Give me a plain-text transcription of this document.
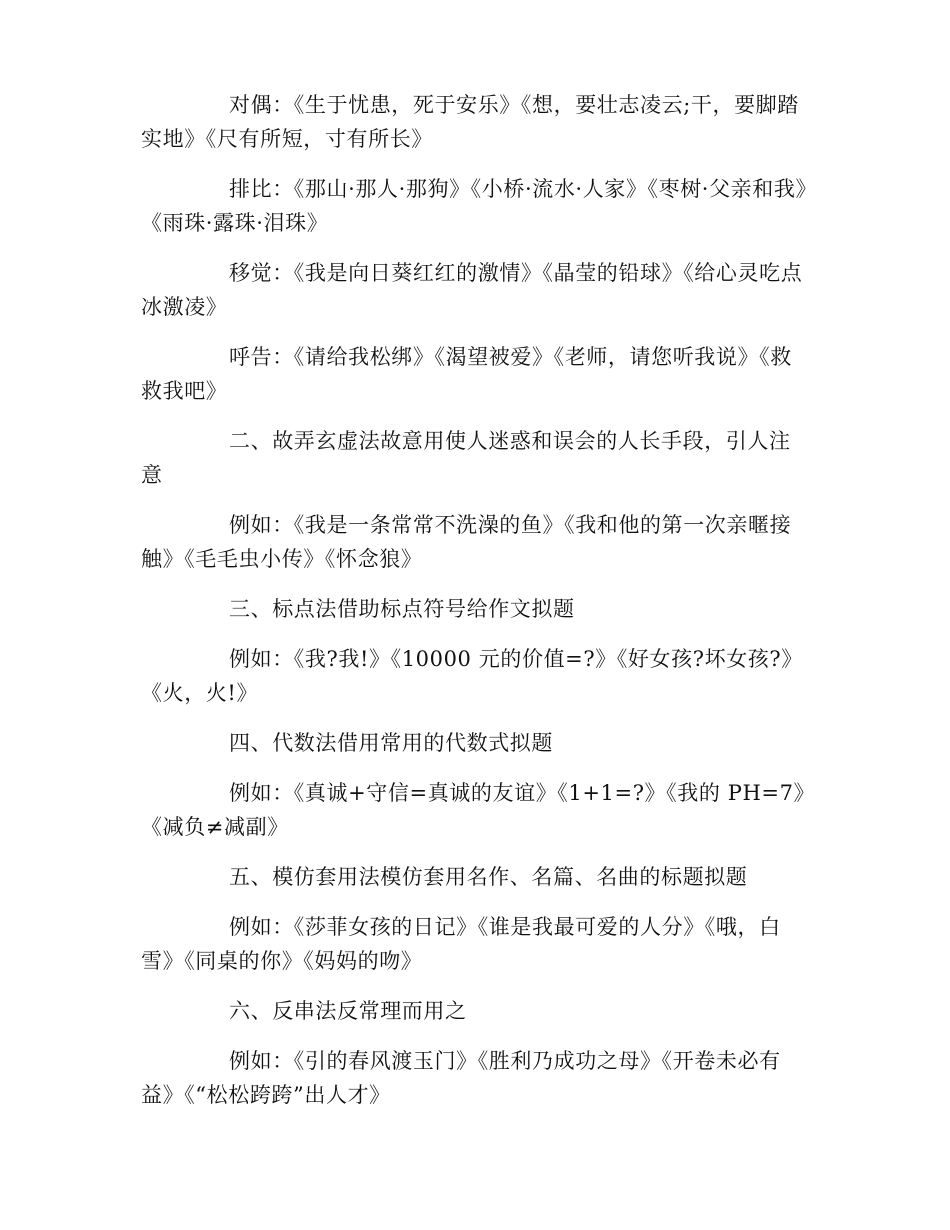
对偶：《生于忧患，死于安乐》《想，要壮志凌云;干，要脚踏实地》《尺有所短，寸有所长》

排比：《那山·那人·那狗》《小桥·流水·人家》《枣树·父亲和我》《雨珠·露珠·泪珠》

移觉：《我是向日葵红红的激情》《晶莹的铅球》《给心灵吃点冰激凌》

呼告：《请给我松绑》《渴望被爱》《老师，请您听我说》《救救我吧》

二、故弄玄虚法故意用使人迷惑和误会的人长手段，引人注意

例如：《我是一条常常不洗澡的鱼》《我和他的第一次亲暱接触》《毛毛虫小传》《怀念狼》

三、标点法借助标点符号给作文拟题

例如：《我?我!》《10000 元的价值=?》《好女孩?坏女孩?》《火，火!》

四、代数法借用常用的代数式拟题

例如：《真诚+守信=真诚的友谊》《1+1=?》《我的 PH=7》《减负≠减副》

五、模仿套用法模仿套用名作、名篇、名曲的标题拟题

例如：《莎菲女孩的日记》《谁是我最可爱的人分》《哦，白雪》《同桌的你》《妈妈的吻》

六、反串法反常理而用之

例如：《引的春风渡玉门》《胜利乃成功之母》《开卷未必有益》《“松松跨跨”出人才》
